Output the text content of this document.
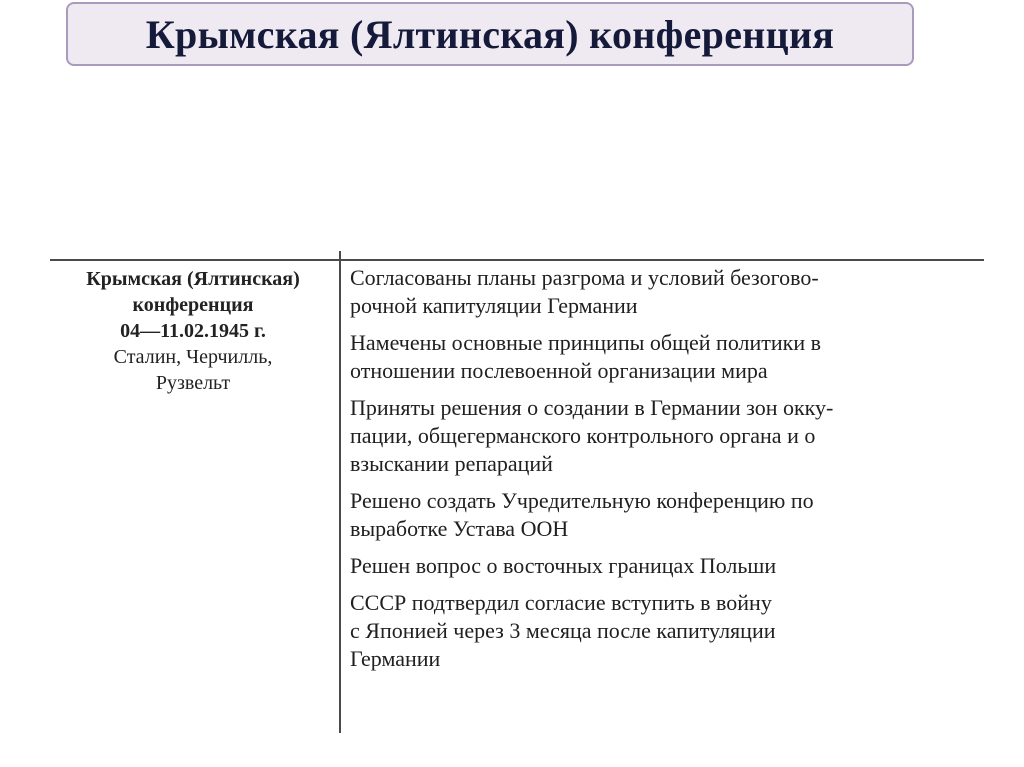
Крымская (Ялтинская) конференция
Крымская (Ялтинская)
конференция
04—11.02.1945 г.
Сталин, Черчилль,
Рузвельт
Согласованы планы разгрома и условий безогово-
рочной капитуляции Германии
Намечены основные принципы общей политики в
отношении послевоенной организации мира
Приняты решения о создании в Германии зон окку-
пации, общегерманского контрольного органа и о
взыскании репараций
Решено создать Учредительную конференцию по
выработке Устава ООН
Решен вопрос о восточных границах Польши
СССР подтвердил согласие вступить в войну
с Японией через 3 месяца после капитуляции
Германии
